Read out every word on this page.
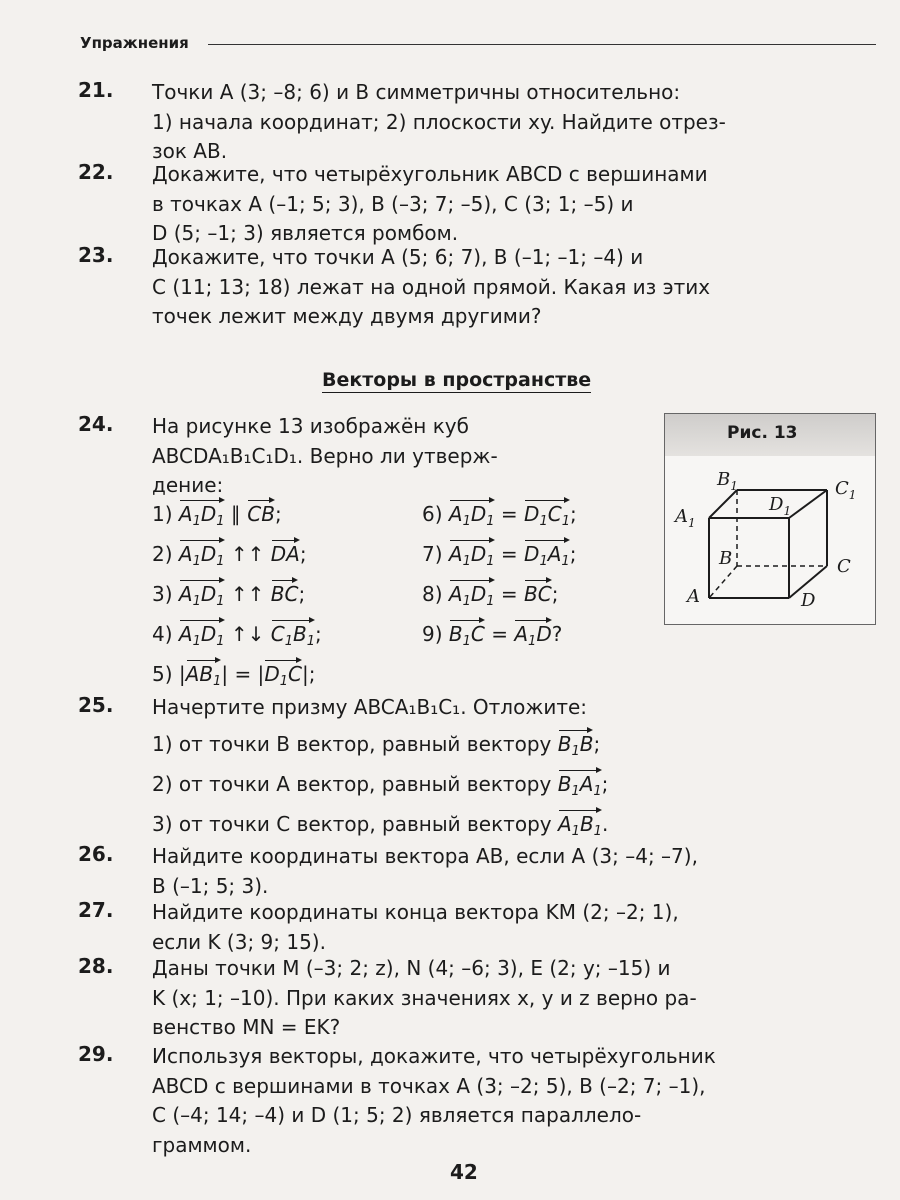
Упражнения
21. Точки A (3; –8; 6) и B симметричны относительно:
1) начала координат; 2) плоскости xy. Найдите отрез-
зок AB.
22. Докажите, что четырёхугольник ABCD с вершинами
в точках A (–1; 5; 3), B (–3; 7; –5), C (3; 1; –5) и
D (5; –1; 3) является ромбом.
23. Докажите, что точки A (5; 6; 7), B (–1; –1; –4) и
C (11; 13; 18) лежат на одной прямой. Какая из этих
точек лежит между двумя другими?
Векторы в пространстве
24. На рисунке 13 изображён куб
ABCDA₁B₁C₁D₁. Верно ли утверж-
дение:
1) $A_1D_1$ ∥ CB;
2) $A_1D_1$ ↑↑ DA;
3) $A_1D_1$ ↑↑ BC;
4) $A_1D_1$ ↑↓ $C_1B_1$;
5) $|AB_1| = |D_1C|$;
6) $A_1D_1 = D_1C_1$;
7) $A_1D_1 = D_1A_1$;
8) $A_1D_1$ = BC;
9) $B_1C = A_1D$?
Рис. 13
$B_1$	$C_1$
$A_1$
$D_1$
B	C
A	D
25. Начертите призму ABCA₁B₁C₁. Отложите:
1) от точки B вектор, равный вектору $B_1B$;
2) от точки A вектор, равный вектору $B_1A_1$;
3) от точки C вектор, равный вектору $A_1B_1$.
26. Найдите координаты вектора AB, если A (3; –4; –7),
B (–1; 5; 3).
27. Найдите координаты конца вектора KM (2; –2; 1),
если K (3; 9; 15).
28. Даны точки M (–3; 2; z), N (4; –6; 3), E (2; y; –15) и
K (x; 1; –10). При каких значениях x, y и z верно ра-
венство MN = EK?
29. Используя векторы, докажите, что четырёхугольник
ABCD с вершинами в точках A (3; –2; 5), B (–2; 7; –1),
C (–4; 14; –4) и D (1; 5; 2) является параллело-
граммом.
42
